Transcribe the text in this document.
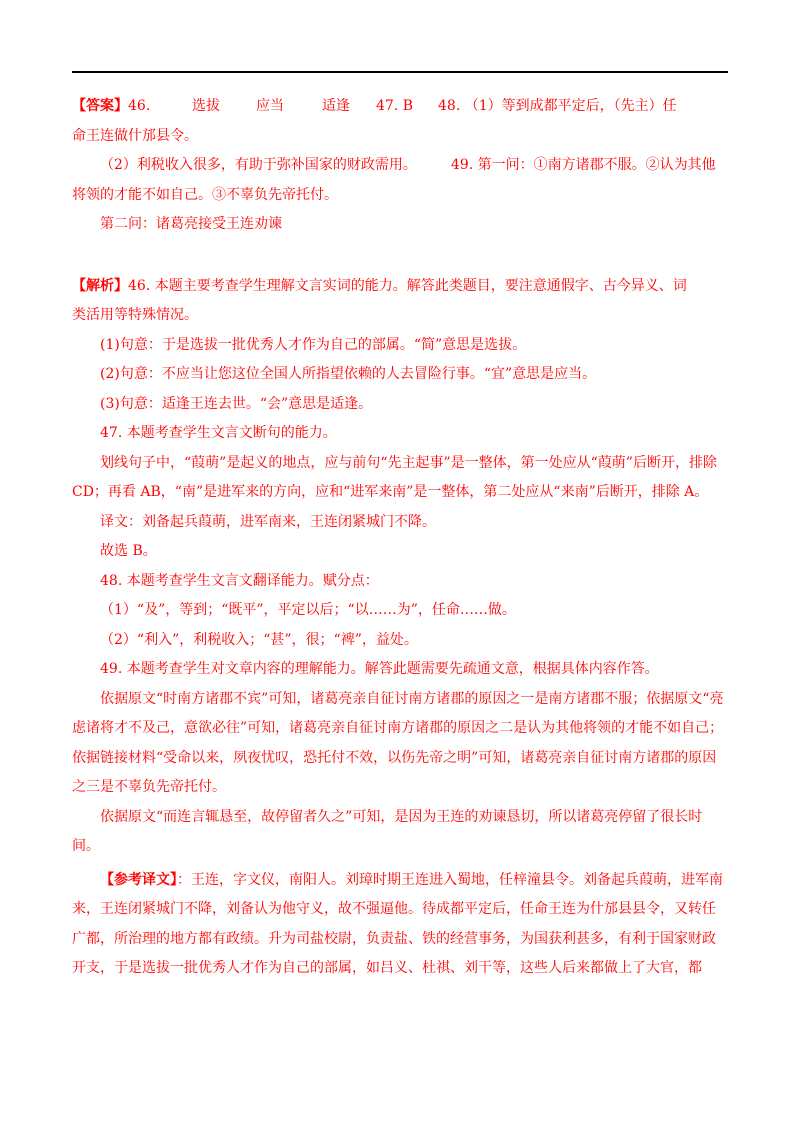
【答案】46.	选拔	应当	适逢 47. B 48. （1）等到成都平定后，（先主）任

命王连做什邡县令。

（2）利税收入很多，有助于弥补国家的财政需用。 49. 第一问：①南方诸郡不服。②认为其他

将领的才能不如自己。③不辜负先帝托付。

第二问：诸葛亮接受王连劝谏

【解析】46. 本题主要考查学生理解文言实词的能力。解答此类题目，要注意通假字、古今异义、词

类活用等特殊情况。

(1)句意：于是选拔一批优秀人才作为自己的部属。“简”意思是选拔。

(2)句意：不应当让您这位全国人所指望依赖的人去冒险行事。“宜”意思是应当。

(3)句意：适逢王连去世。“会”意思是适逢。

47. 本题考查学生文言文断句的能力。

划线句子中，“葭萌”是起义的地点，应与前句“先主起事”是一整体，第一处应从“葭萌”后断开，排除 CD；再看 AB，“南”是进军来的方向，应和“进军来南”是一整体，第二处应从“来南”后断开，排除 A。

译文：刘备起兵葭萌，进军南来，王连闭紧城门不降。

故选 B。

48. 本题考查学生文言文翻译能力。赋分点：

（1）“及”，等到；“既平”，平定以后；“以……为”，任命……做。

（2）“利入”，利税收入；“甚”，很；“裨”，益处。

49. 本题考查学生对文章内容的理解能力。解答此题需要先疏通文意，根据具体内容作答。

依据原文“时南方诸郡不宾”可知，诸葛亮亲自征讨南方诸郡的原因之一是南方诸郡不服；依据原文“亮虑诸将才不及己，意欲必往”可知，诸葛亮亲自征讨南方诸郡的原因之二是认为其他将领的才能不如自己；依据链接材料“受命以来，夙夜忧叹，恐托付不效，以伤先帝之明”可知，诸葛亮亲自征讨南方诸郡的原因之三是不辜负先帝托付。

依据原文“而连言辄恳至，故停留者久之”可知，是因为王连的劝谏恳切，所以诸葛亮停留了很长时间。

【参考译文】：王连，字文仪，南阳人。刘璋时期王连进入蜀地，任梓潼县令。刘备起兵葭萌，进军南来，王连闭紧城门不降，刘备认为他守义，故不强逼他。待成都平定后，任命王连为什邡县县令，又转任广都，所治理的地方都有政绩。升为司盐校尉，负责盐、铁的经营事务，为国获利甚多，有利于国家财政开支，于是选拔一批优秀人才作为自己的部属，如吕义、杜祺、刘干等，这些人后来都做上了大官，都
